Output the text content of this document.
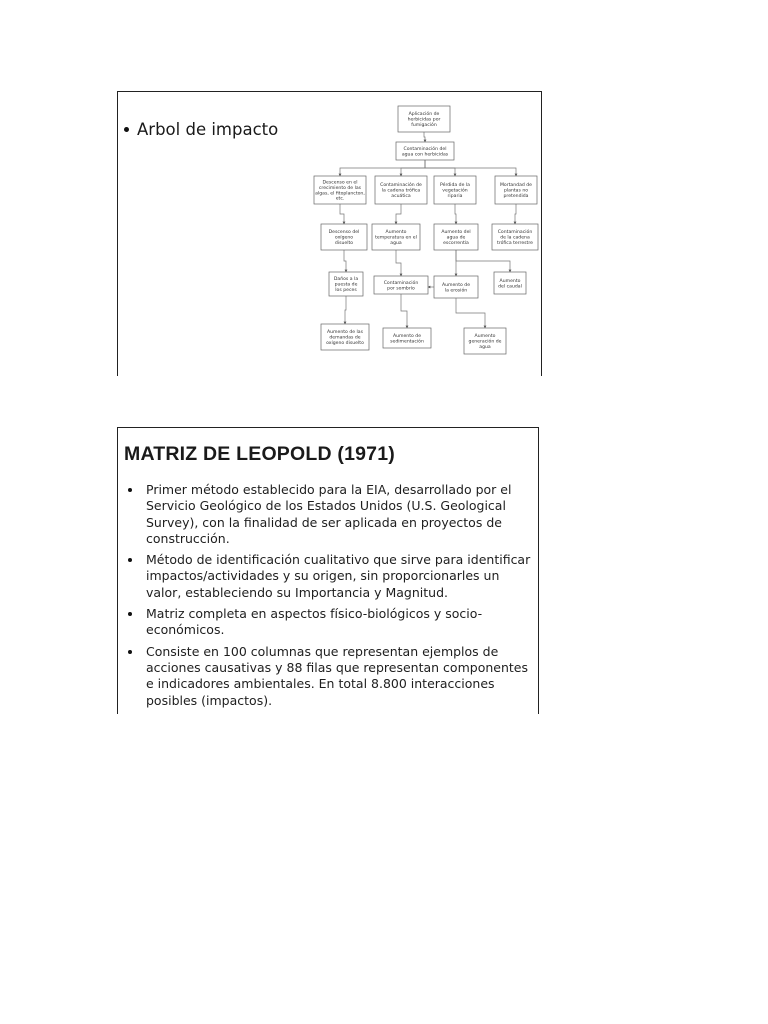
Arbol de impacto
Aplicación de
herbicidas por
fumigación
Contaminación del
agua con herbicidas
Descenso en el
crecimiento de las
algas, el fitoplancton,
etc.
Contaminación de
la cadena trófica
acuática
Pérdida de la
vegetación
riparia
Mortandad de
plantas no
pretendida
Descenso del
oxígeno
disuelto
Aumento
temperatura en el
agua
Aumento del
agua de
escorrentía
Contaminación
de la cadena
trófica terrestre
Daños a la
puesta de
los peces
Contaminación
por sombrío
Aumento de
la erosión
Aumento
del caudal
Aumento de las
demandas de
oxígeno disuelto
Aumento de
sedimentación
Aumento
generación de
agua
MATRIZ DE LEOPOLD (1971)
Primer método establecido para la EIA, desarrollado por el Servicio Geológico de los Estados Unidos (U.S. Geological Survey), con la finalidad de ser aplicada en proyectos de construcción.
Método de identificación cualitativo que sirve para identificar impactos/actividades y su origen, sin proporcionarles un valor, estableciendo su Importancia y Magnitud.
Matriz completa en aspectos físico-biológicos y socio-económicos.
Consiste en 100 columnas que representan ejemplos de acciones causativas y 88 filas que representan componentes e indicadores ambientales. En total 8.800 interacciones posibles (impactos).
